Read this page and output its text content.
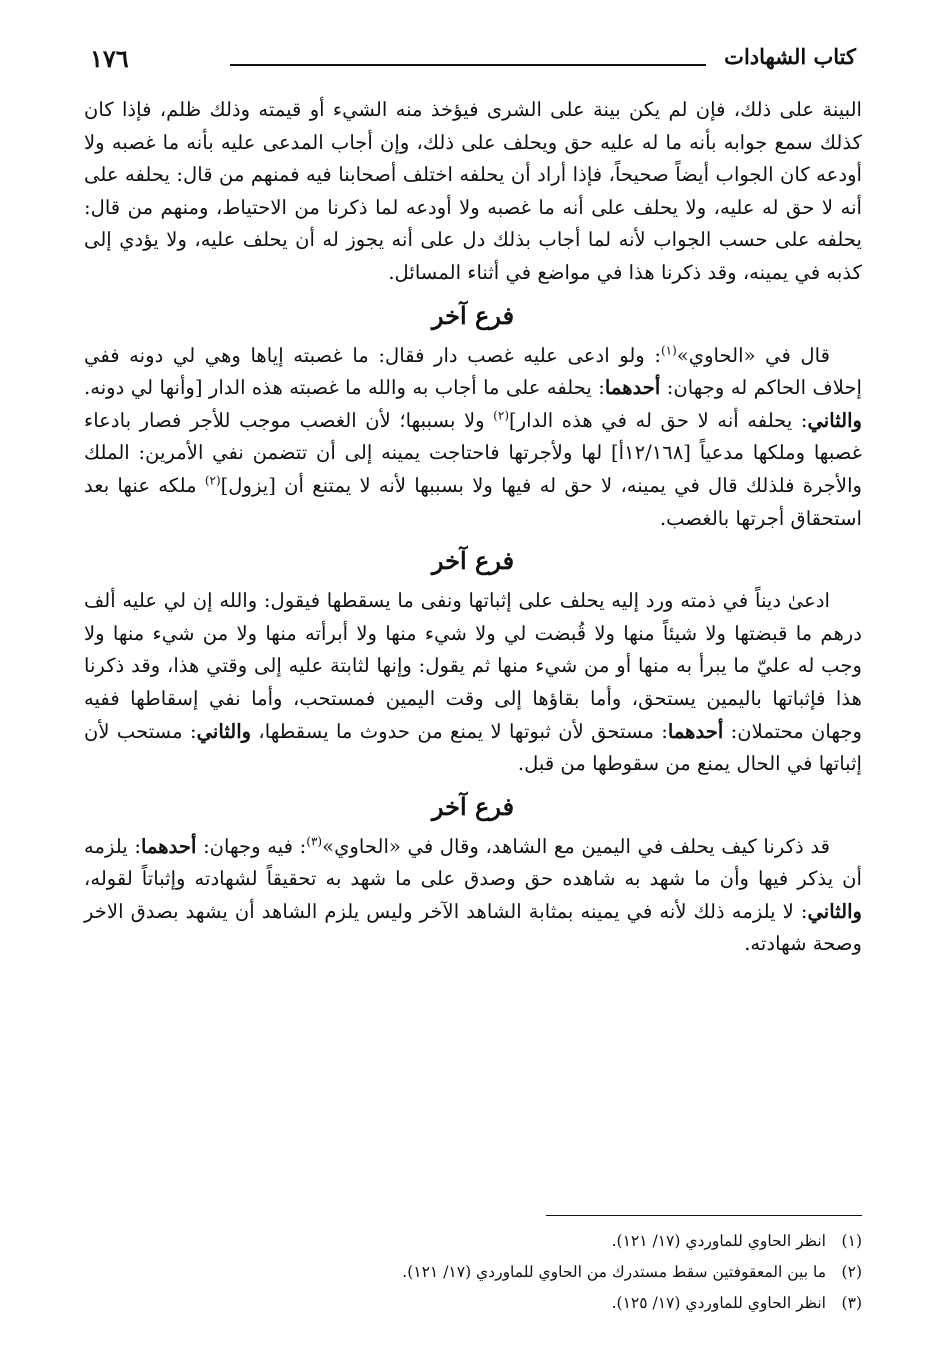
كتاب الشهادات
١٧٦

البينة على ذلك، فإن لم يكن بينة على الشرى فيؤخذ منه الشيء أو قيمته وذلك ظلم، فإذا كان كذلك سمع جوابه بأنه ما له عليه حق ويحلف على ذلك، وإن أجاب المدعى عليه بأنه ما غصبه ولا أودعه كان الجواب أيضاً صحيحاً، فإذا أراد أن يحلفه اختلف أصحابنا فيه فمنهم من قال: يحلفه على أنه لا حق له عليه، ولا يحلف على أنه ما غصبه ولا أودعه لما ذكرنا من الاحتياط، ومنهم من قال: يحلفه على حسب الجواب لأنه لما أجاب بذلك دل على أنه يجوز له أن يحلف عليه، ولا يؤدي إلى كذبه في يمينه، وقد ذكرنا هذا في مواضع في أثناء المسائل.

فرع آخر

قال في «الحاوي»$^{(١)}$: ولو ادعى عليه غصب دار فقال: ما غصبته إياها وهي لي دونه ففي إحلاف الحاكم له وجهان: أحدهما: يحلفه على ما أجاب به والله ما غصبته هذه الدار [وأنها لي دونه. والثاني: يحلفه أنه لا حق له في هذه الدار]$^{(٢)}$ ولا بسببها؛ لأن الغصب موجب للأجر فصار بادعاء غصبها وملكها مدعياً [١٢/١٦٨أ] لها ولأجرتها فاحتاجت يمينه إلى أن تتضمن نفي الأمرين: الملك والأجرة فلذلك قال في يمينه، لا حق له فيها ولا بسببها لأنه لا يمتنع أن [يزول]$^{(٢)}$ ملكه عنها بعد استحقاق أجرتها بالغصب.

فرع آخر

ادعىٰ ديناً في ذمته ورد إليه يحلف على إثباتها ونفى ما يسقطها فيقول: والله إن لي عليه ألف درهم ما قبضتها ولا شيئاً منها ولا قُبضت لي ولا شيء منها ولا أبرأته منها ولا من شيء منها ولا وجب له عليّ ما يبرأ به منها أو من شيء منها ثم يقول: وإنها لثابتة عليه إلى وقتي هذا، وقد ذكرنا هذا فإثباتها باليمين يستحق، وأما بقاؤها إلى وقت اليمين فمستحب، وأما نفي إسقاطها ففيه وجهان محتملان: أحدهما: مستحق لأن ثبوتها لا يمنع من حدوث ما يسقطها، والثاني: مستحب لأن إثباتها في الحال يمنع من سقوطها من قبل.

فرع آخر

قد ذكرنا كيف يحلف في اليمين مع الشاهد، وقال في «الحاوي»$^{(٣)}$: فيه وجهان: أحدهما: يلزمه أن يذكر فيها وأن ما شهد به شاهده حق وصدق على ما شهد به تحقيقاً لشهادته وإثباتاً لقوله، والثاني: لا يلزمه ذلك لأنه في يمينه بمثابة الشاهد الآخر وليس يلزم الشاهد أن يشهد بصدق الاخر وصحة شهادته.

(١)انظر الحاوي للماوردي (١٧/ ١٢١).
(٢)ما بين المعقوفتين سقط مستدرك من الحاوي للماوردي (١٧/ ١٢١).
(٣)انظر الحاوي للماوردي (١٧/ ١٢٥).
